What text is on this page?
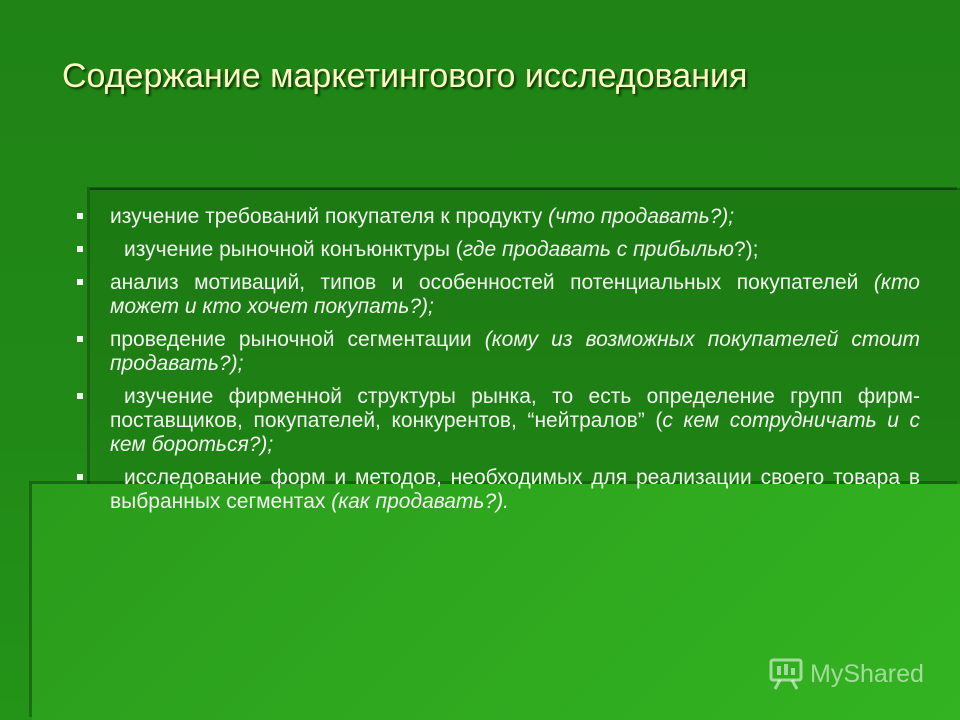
Содержание маркетингового исследования
изучение требований покупателя к продукту (что продавать?);
изучение рыночной конъюнктуры (где продавать с прибылью?);
анализ мотиваций, типов и особенностей потенциальных покупателей (кто может и кто хочет покупать?);
проведение рыночной сегментации (кому из возможных покупателей стоит продавать?);
изучение фирменной структуры рынка, то есть определение групп фирм-поставщиков, покупателей, конкурентов, “нейтралов” (с кем сотрудничать и с кем бороться?);
исследование форм и методов, необходимых для реализации своего товара в выбранных сегментах (как продавать?).
MyShared
